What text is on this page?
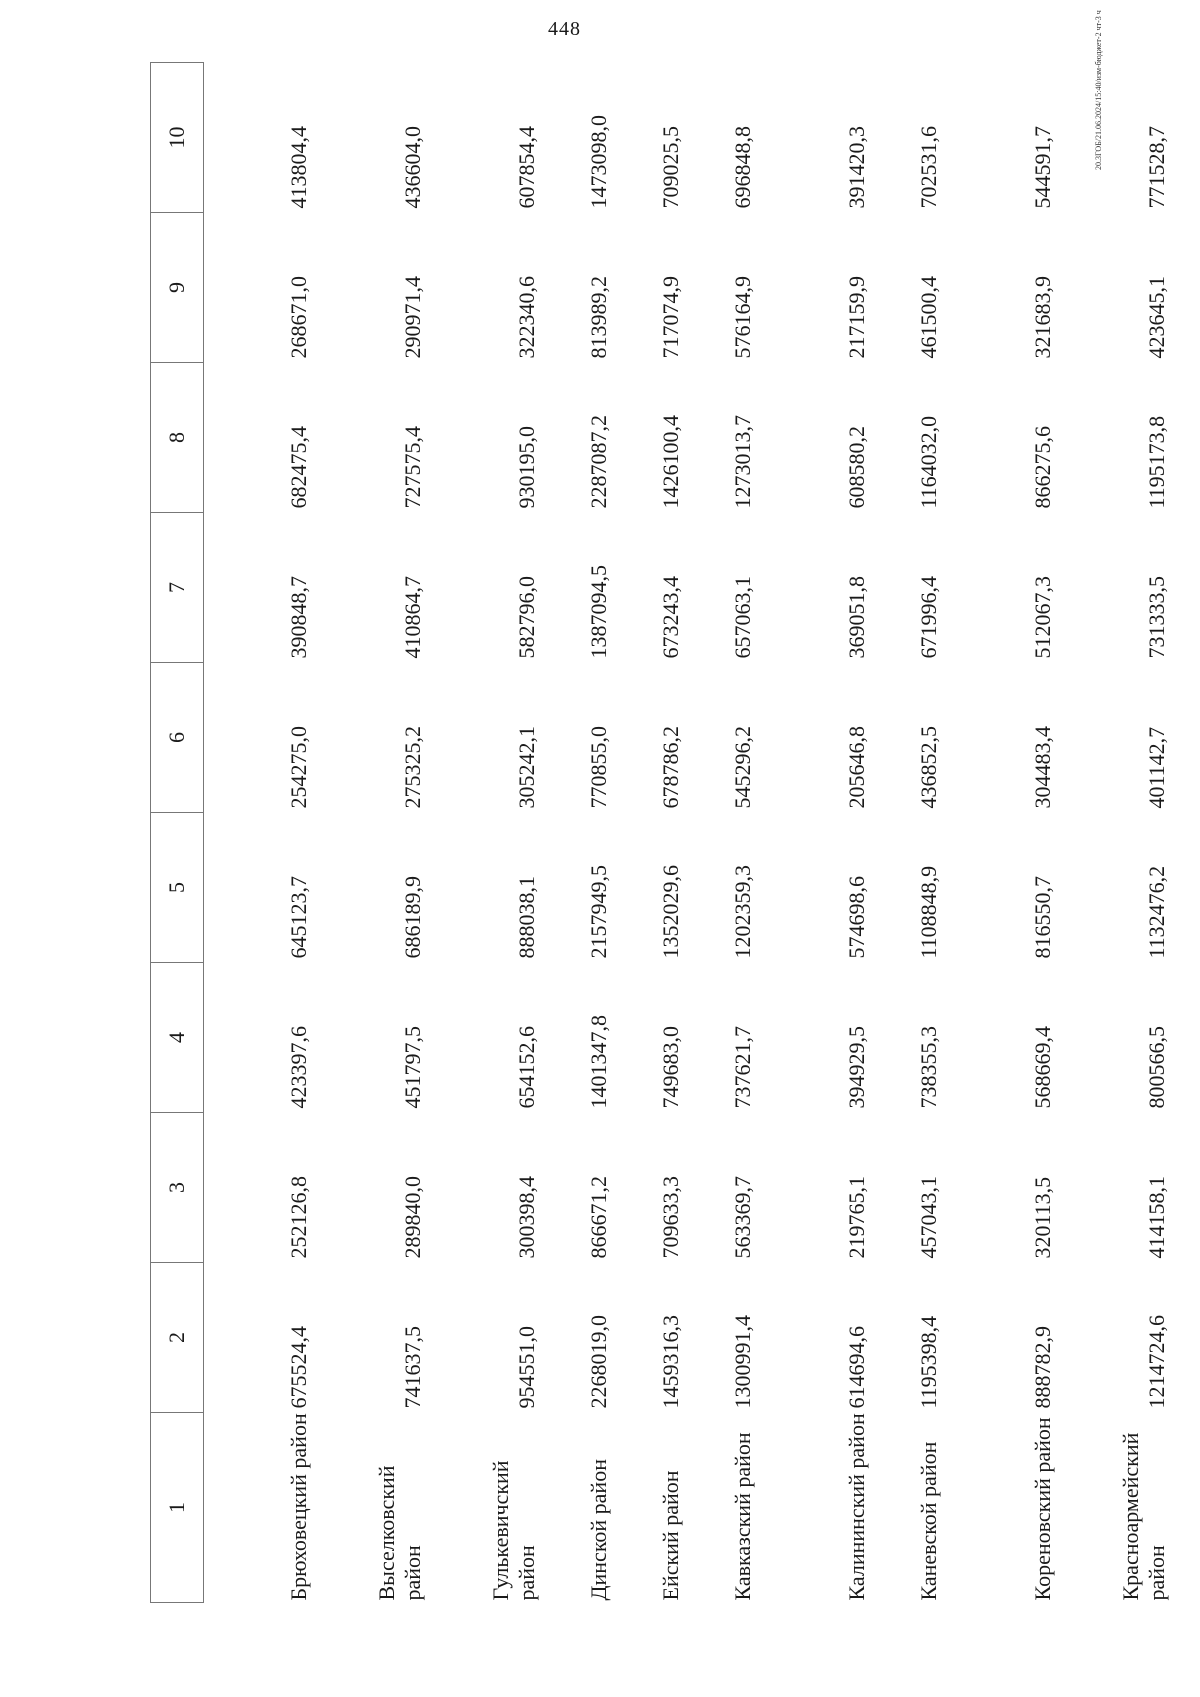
448	20.3ГОБ/21.06.2024/15:40/изм-бюджет-2 чт-3 ч
1	2	3	4	5	6	7	8	9	10
Брюховецкий район	675524,4	252126,8	423397,6	645123,7	254275,0	390848,7	682475,4	268671,0	413804,4
Выселковский район	741637,5	289840,0	451797,5	686189,9	275325,2	410864,7	727575,4	290971,4	436604,0
Гулькевичский район	954551,0	300398,4	654152,6	888038,1	305242,1	582796,0	930195,0	322340,6	607854,4
Динской район	2268019,0	866671,2	1401347,8	2157949,5	770855,0	1387094,5	2287087,2	813989,2	1473098,0
Ейский район	1459316,3	709633,3	749683,0	1352029,6	678786,2	673243,4	1426100,4	717074,9	709025,5
Кавказский район	1300991,4	563369,7	737621,7	1202359,3	545296,2	657063,1	1273013,7	576164,9	696848,8
Калининский район	614694,6	219765,1	394929,5	574698,6	205646,8	369051,8	608580,2	217159,9	391420,3
Каневской район	1195398,4	457043,1	738355,3	1108848,9	436852,5	671996,4	1164032,0	461500,4	702531,6
Кореновский район	888782,9	320113,5	568669,4	816550,7	304483,4	512067,3	866275,6	321683,9	544591,7
Красноармейский район	1214724,6	414158,1	800566,5	1132476,2	401142,7	731333,5	1195173,8	423645,1	771528,7
